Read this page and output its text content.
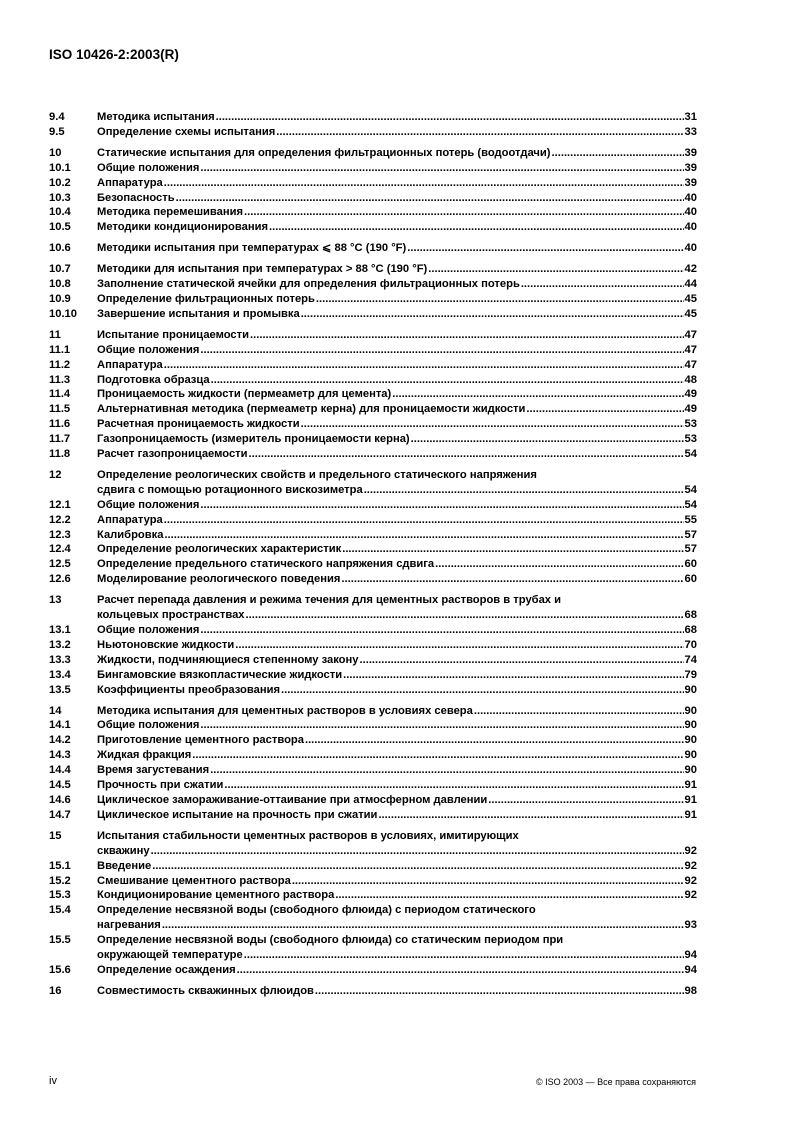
ISO 10426-2:2003(R)
9.4	Методика испытания .....	31
9.5	Определение схемы испытания .....	33
10	Статические испытания для определения фильтрационных потерь (водоотдачи) .....	39
10.1	Общие положения .....	39
10.2	Аппаратура .....	39
10.3	Безопасность .....	40
10.4	Методика перемешивания .....	40
10.5	Методики кондиционирования .....	40
10.6	Методики испытания при температурах ⩽ 88 °C (190 °F) .....	40
10.7	Методики для испытания при температурах > 88 °C (190 °F) .....	42
10.8	Заполнение статической ячейки для определения фильтрационных потерь .....	44
10.9	Определение фильтрационных потерь .....	45
10.10	Завершение испытания и промывка .....	45
11	Испытание проницаемости .....	47
11.1	Общие положения .....	47
11.2	Аппаратура .....	47
11.3	Подготовка образца .....	48
11.4	Проницаемость жидкости (пермеаметр для цемента) .....	49
11.5	Альтернативная методика (пермеаметр керна) для проницаемости жидкости .....	49
11.6	Расчетная проницаемость жидкости .....	53
11.7	Газопроницаемость (измеритель проницаемости керна) .....	53
11.8	Расчет газопроницаемости .....	54
12	Определение реологических свойств и предельного статического напряжения
сдвига с помощью ротационного вискозиметра .....	54
12.1	Общие положения .....	54
12.2	Аппаратура .....	55
12.3	Калибровка .....	57
12.4	Определение реологических характеристик .....	57
12.5	Определение предельного статического напряжения сдвига .....	60
12.6	Моделирование реологического поведения .....	60
13	Расчет перепада давления и режима течения для цементных растворов в трубах и
кольцевых пространствах .....	68
13.1	Общие положения .....	68
13.2	Ньютоновские жидкости .....	70
13.3	Жидкости, подчиняющиеся степенному закону .....	74
13.4	Бингамовские вязкопластические жидкости .....	79
13.5	Коэффициенты преобразования .....	90
14	Методика испытания для цементных растворов в условиях севера .....	90
14.1	Общие положения .....	90
14.2	Приготовление цементного раствора .....	90
14.3	Жидкая фракция .....	90
14.4	Время загустевания .....	90
14.5	Прочность при сжатии .....	91
14.6	Циклическое замораживание-оттаивание при атмосферном давлении .....	91
14.7	Циклическое испытание на прочность при сжатии .....	91
15	Испытания стабильности цементных растворов в условиях, имитирующих
скважину .....	92
15.1	Введение .....	92
15.2	Смешивание цементного раствора .....	92
15.3	Кондиционирование цементного раствора .....	92
15.4	Определение несвязной воды (свободного флюида) с периодом статического
нагревания .....	93
15.5	Определение несвязной воды (свободного флюида) со статическим периодом при
окружающей температуре .....	94
15.6	Определение осаждения .....	94
16	Совместимость скважинных флюидов .....	98
iv	© ISO 2003 — Все права сохраняются
